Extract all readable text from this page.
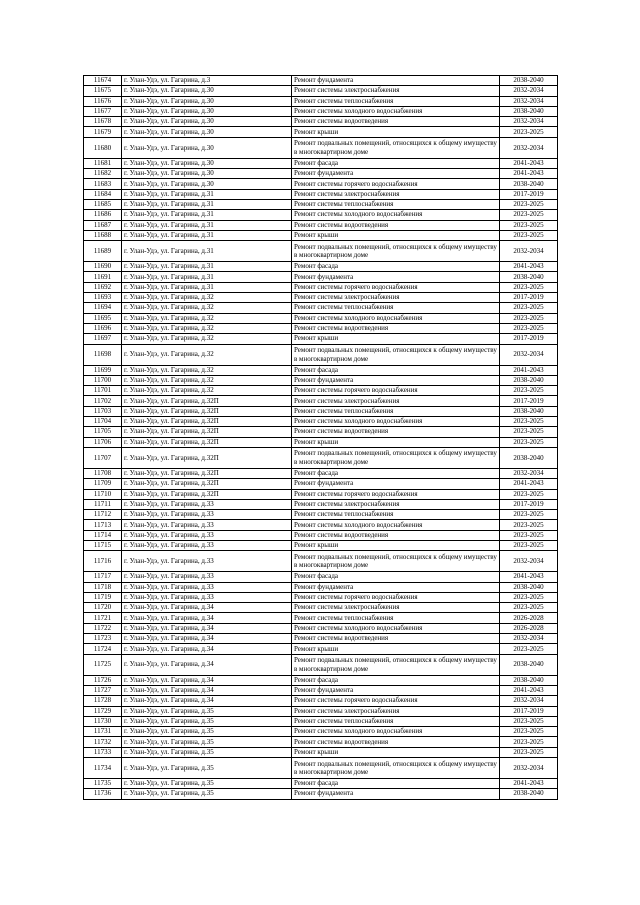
11674	г. Улан-Удэ, ул. Гагарина, д.3	Ремонт фундамента	2038-2040
11675	г. Улан-Удэ, ул. Гагарина, д.30	Ремонт системы электроснабжения	2032-2034
11676	г. Улан-Удэ, ул. Гагарина, д.30	Ремонт системы теплоснабжения	2032-2034
11677	г. Улан-Удэ, ул. Гагарина, д.30	Ремонт системы холодного водоснабжения	2038-2040
11678	г. Улан-Удэ, ул. Гагарина, д.30	Ремонт системы водоотведения	2032-2034
11679	г. Улан-Удэ, ул. Гагарина, д.30	Ремонт крыши	2023-2025
11680	г. Улан-Удэ, ул. Гагарина, д.30	Ремонт подвальных помещений, относящихся к общему имуществу в многоквартирном доме	2032-2034
11681	г. Улан-Удэ, ул. Гагарина, д.30	Ремонт фасада	2041-2043
11682	г. Улан-Удэ, ул. Гагарина, д.30	Ремонт фундамента	2041-2043
11683	г. Улан-Удэ, ул. Гагарина, д.30	Ремонт системы горячего водоснабжения	2038-2040
11684	г. Улан-Удэ, ул. Гагарина, д.31	Ремонт системы электроснабжения	2017-2019
11685	г. Улан-Удэ, ул. Гагарина, д.31	Ремонт системы теплоснабжения	2023-2025
11686	г. Улан-Удэ, ул. Гагарина, д.31	Ремонт системы холодного водоснабжения	2023-2025
11687	г. Улан-Удэ, ул. Гагарина, д.31	Ремонт системы водоотведения	2023-2025
11688	г. Улан-Удэ, ул. Гагарина, д.31	Ремонт крыши	2023-2025
11689	г. Улан-Удэ, ул. Гагарина, д.31	Ремонт подвальных помещений, относящихся к общему имуществу в многоквартирном доме	2032-2034
11690	г. Улан-Удэ, ул. Гагарина, д.31	Ремонт фасада	2041-2043
11691	г. Улан-Удэ, ул. Гагарина, д.31	Ремонт фундамента	2038-2040
11692	г. Улан-Удэ, ул. Гагарина, д.31	Ремонт системы горячего водоснабжения	2023-2025
11693	г. Улан-Удэ, ул. Гагарина, д.32	Ремонт системы электроснабжения	2017-2019
11694	г. Улан-Удэ, ул. Гагарина, д.32	Ремонт системы теплоснабжения	2023-2025
11695	г. Улан-Удэ, ул. Гагарина, д.32	Ремонт системы холодного водоснабжения	2023-2025
11696	г. Улан-Удэ, ул. Гагарина, д.32	Ремонт системы водоотведения	2023-2025
11697	г. Улан-Удэ, ул. Гагарина, д.32	Ремонт крыши	2017-2019
11698	г. Улан-Удэ, ул. Гагарина, д.32	Ремонт подвальных помещений, относящихся к общему имуществу в многоквартирном доме	2032-2034
11699	г. Улан-Удэ, ул. Гагарина, д.32	Ремонт фасада	2041-2043
11700	г. Улан-Удэ, ул. Гагарина, д.32	Ремонт фундамента	2038-2040
11701	г. Улан-Удэ, ул. Гагарина, д.32	Ремонт системы горячего водоснабжения	2023-2025
11702	г. Улан-Удэ, ул. Гагарина, д.32П	Ремонт системы электроснабжения	2017-2019
11703	г. Улан-Удэ, ул. Гагарина, д.32П	Ремонт системы теплоснабжения	2038-2040
11704	г. Улан-Удэ, ул. Гагарина, д.32П	Ремонт системы холодного водоснабжения	2023-2025
11705	г. Улан-Удэ, ул. Гагарина, д.32П	Ремонт системы водоотведения	2023-2025
11706	г. Улан-Удэ, ул. Гагарина, д.32П	Ремонт крыши	2023-2025
11707	г. Улан-Удэ, ул. Гагарина, д.32П	Ремонт подвальных помещений, относящихся к общему имуществу в многоквартирном доме	2038-2040
11708	г. Улан-Удэ, ул. Гагарина, д.32П	Ремонт фасада	2032-2034
11709	г. Улан-Удэ, ул. Гагарина, д.32П	Ремонт фундамента	2041-2043
11710	г. Улан-Удэ, ул. Гагарина, д.32П	Ремонт системы горячего водоснабжения	2023-2025
11711	г. Улан-Удэ, ул. Гагарина, д.33	Ремонт системы электроснабжения	2017-2019
11712	г. Улан-Удэ, ул. Гагарина, д.33	Ремонт системы теплоснабжения	2023-2025
11713	г. Улан-Удэ, ул. Гагарина, д.33	Ремонт системы холодного водоснабжения	2023-2025
11714	г. Улан-Удэ, ул. Гагарина, д.33	Ремонт системы водоотведения	2023-2025
11715	г. Улан-Удэ, ул. Гагарина, д.33	Ремонт крыши	2023-2025
11716	г. Улан-Удэ, ул. Гагарина, д.33	Ремонт подвальных помещений, относящихся к общему имуществу в многоквартирном доме	2032-2034
11717	г. Улан-Удэ, ул. Гагарина, д.33	Ремонт фасада	2041-2043
11718	г. Улан-Удэ, ул. Гагарина, д.33	Ремонт фундамента	2038-2040
11719	г. Улан-Удэ, ул. Гагарина, д.33	Ремонт системы горячего водоснабжения	2023-2025
11720	г. Улан-Удэ, ул. Гагарина, д.34	Ремонт системы электроснабжения	2023-2025
11721	г. Улан-Удэ, ул. Гагарина, д.34	Ремонт системы теплоснабжения	2026-2028
11722	г. Улан-Удэ, ул. Гагарина, д.34	Ремонт системы холодного водоснабжения	2026-2028
11723	г. Улан-Удэ, ул. Гагарина, д.34	Ремонт системы водоотведения	2032-2034
11724	г. Улан-Удэ, ул. Гагарина, д.34	Ремонт крыши	2023-2025
11725	г. Улан-Удэ, ул. Гагарина, д.34	Ремонт подвальных помещений, относящихся к общему имуществу в многоквартирном доме	2038-2040
11726	г. Улан-Удэ, ул. Гагарина, д.34	Ремонт фасада	2038-2040
11727	г. Улан-Удэ, ул. Гагарина, д.34	Ремонт фундамента	2041-2043
11728	г. Улан-Удэ, ул. Гагарина, д.34	Ремонт системы горячего водоснабжения	2032-2034
11729	г. Улан-Удэ, ул. Гагарина, д.35	Ремонт системы электроснабжения	2017-2019
11730	г. Улан-Удэ, ул. Гагарина, д.35	Ремонт системы теплоснабжения	2023-2025
11731	г. Улан-Удэ, ул. Гагарина, д.35	Ремонт системы холодного водоснабжения	2023-2025
11732	г. Улан-Удэ, ул. Гагарина, д.35	Ремонт системы водоотведения	2023-2025
11733	г. Улан-Удэ, ул. Гагарина, д.35	Ремонт крыши	2023-2025
11734	г. Улан-Удэ, ул. Гагарина, д.35	Ремонт подвальных помещений, относящихся к общему имуществу в многоквартирном доме	2032-2034
11735	г. Улан-Удэ, ул. Гагарина, д.35	Ремонт фасада	2041-2043
11736	г. Улан-Удэ, ул. Гагарина, д.35	Ремонт фундамента	2038-2040
